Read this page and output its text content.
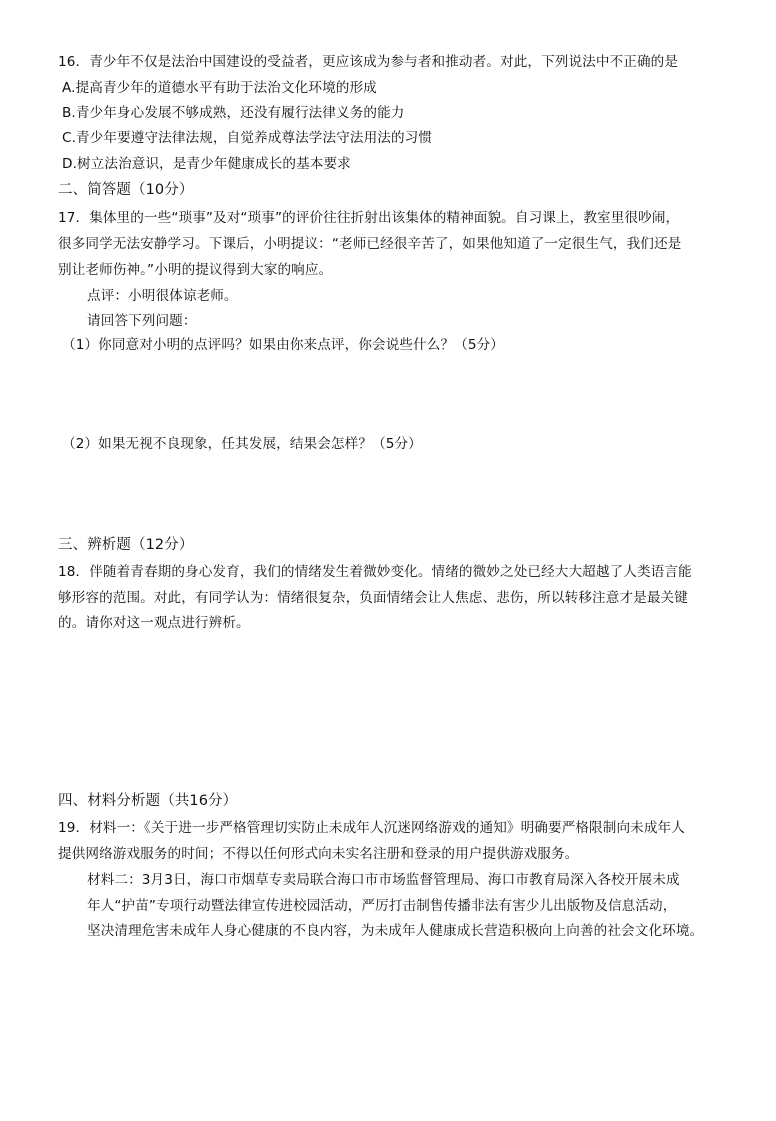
16．青少年不仅是法治中国建设的受益者，更应该成为参与者和推动者。对此，下列说法中不正确的是
A.提高青少年的道德水平有助于法治文化环境的形成
B.青少年身心发展不够成熟，还没有履行法律义务的能力
C.青少年要遵守法律法规，自觉养成尊法学法守法用法的习惯
D.树立法治意识，是青少年健康成长的基本要求
二、简答题（10分）
17．集体里的一些“琐事”及对“琐事”的评价往往折射出该集体的精神面貌。自习课上，教室里很吵闹，
很多同学无法安静学习。下课后，小明提议：“老师已经很辛苦了，如果他知道了一定很生气，我们还是
别让老师伤神。”小明的提议得到大家的响应。
点评：小明很体谅老师。
请回答下列问题：
（1）你同意对小明的点评吗？如果由你来点评，你会说些什么？（5分）
（2）如果无视不良现象，任其发展，结果会怎样？（5分）
三、辨析题（12分）
18．伴随着青春期的身心发育，我们的情绪发生着微妙变化。情绪的微妙之处已经大大超越了人类语言能
够形容的范围。对此，有同学认为：情绪很复杂，负面情绪会让人焦虑、悲伤，所以转移注意才是最关键
的。请你对这一观点进行辨析。
四、材料分析题（共16分）
19．材料一：《关于进一步严格管理切实防止未成年人沉迷网络游戏的通知》明确要严格限制向未成年人
提供网络游戏服务的时间；不得以任何形式向未实名注册和登录的用户提供游戏服务。
材料二：3月3日，海口市烟草专卖局联合海口市市场监督管理局、海口市教育局深入各校开展未成
年人“护苗”专项行动暨法律宣传进校园活动，严厉打击制售传播非法有害少儿出版物及信息活动，
坚决清理危害未成年人身心健康的不良内容，为未成年人健康成长营造积极向上向善的社会文化环境。
